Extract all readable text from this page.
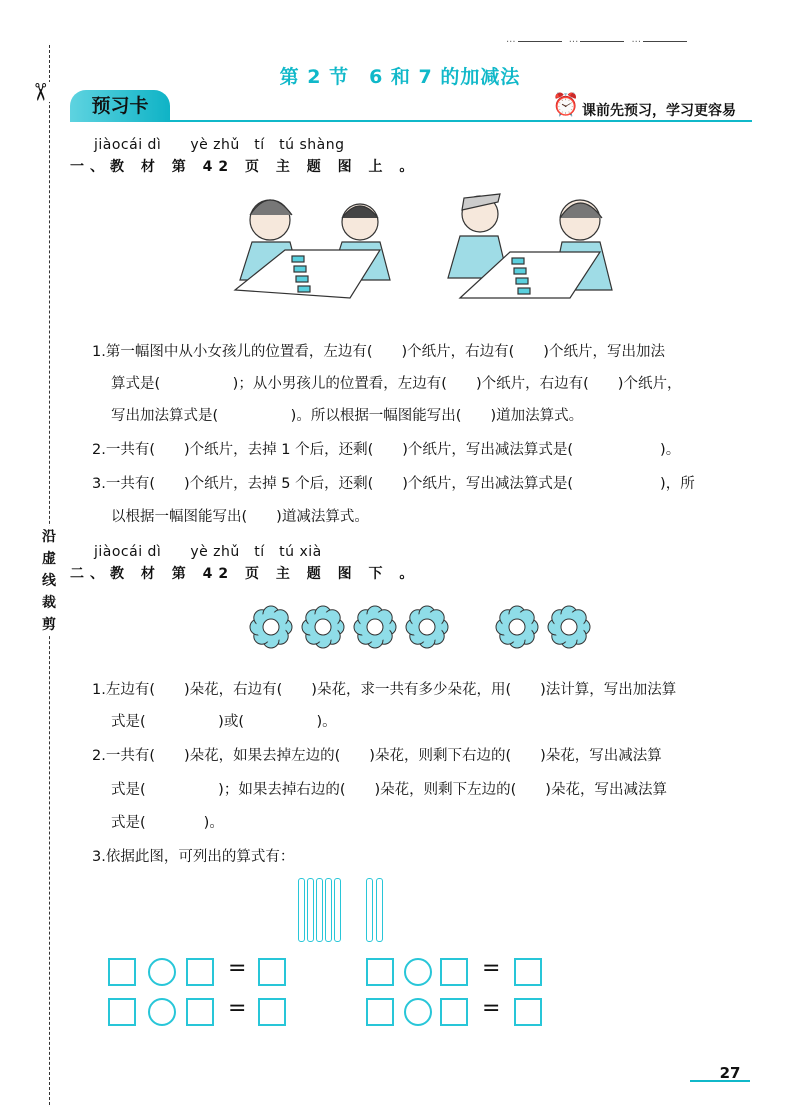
...	...	...
第 2 节　6 和 7 的加减法
✂
沿
虚
线
裁
剪
预习卡	⏰ 课前先预习，学习更容易
jiàocái dì　　yè zhǔ　tí　tú shàng
一、教 材 第 42 页 主 题 图 上 。
1.第一幅图中从小女孩儿的位置看，左边有(　　)个纸片，右边有(　　)个纸片，写出加法
算式是(　　　　　)；从小男孩儿的位置看，左边有(　　)个纸片，右边有(　　)个纸片，
写出加法算式是(　　　　　)。所以根据一幅图能写出(　　)道加法算式。
2.一共有(　　)个纸片，去掉 1 个后，还剩(　　)个纸片，写出减法算式是(　　　　　　)。
3.一共有(　　)个纸片，去掉 5 个后，还剩(　　)个纸片，写出减法算式是(　　　　　　)，所
以根据一幅图能写出(　　)道减法算式。
jiàocái dì　　yè zhǔ　tí　tú xià
二、教 材 第 42 页 主 题 图 下 。
1.左边有(　　)朵花，右边有(　　)朵花，求一共有多少朵花，用(　　)法计算，写出加法算
式是(　　　　　)或(　　　　　)。
2.一共有(　　)朵花，如果去掉左边的(　　)朵花，则剩下右边的(　　)朵花，写出减法算
式是(　　　　　)；如果去掉右边的(　　)朵花，则剩下左边的(　　)朵花，写出减法算
式是(　　　　)。
3.依据此图，可列出的算式有：
=	=
=	=
27
